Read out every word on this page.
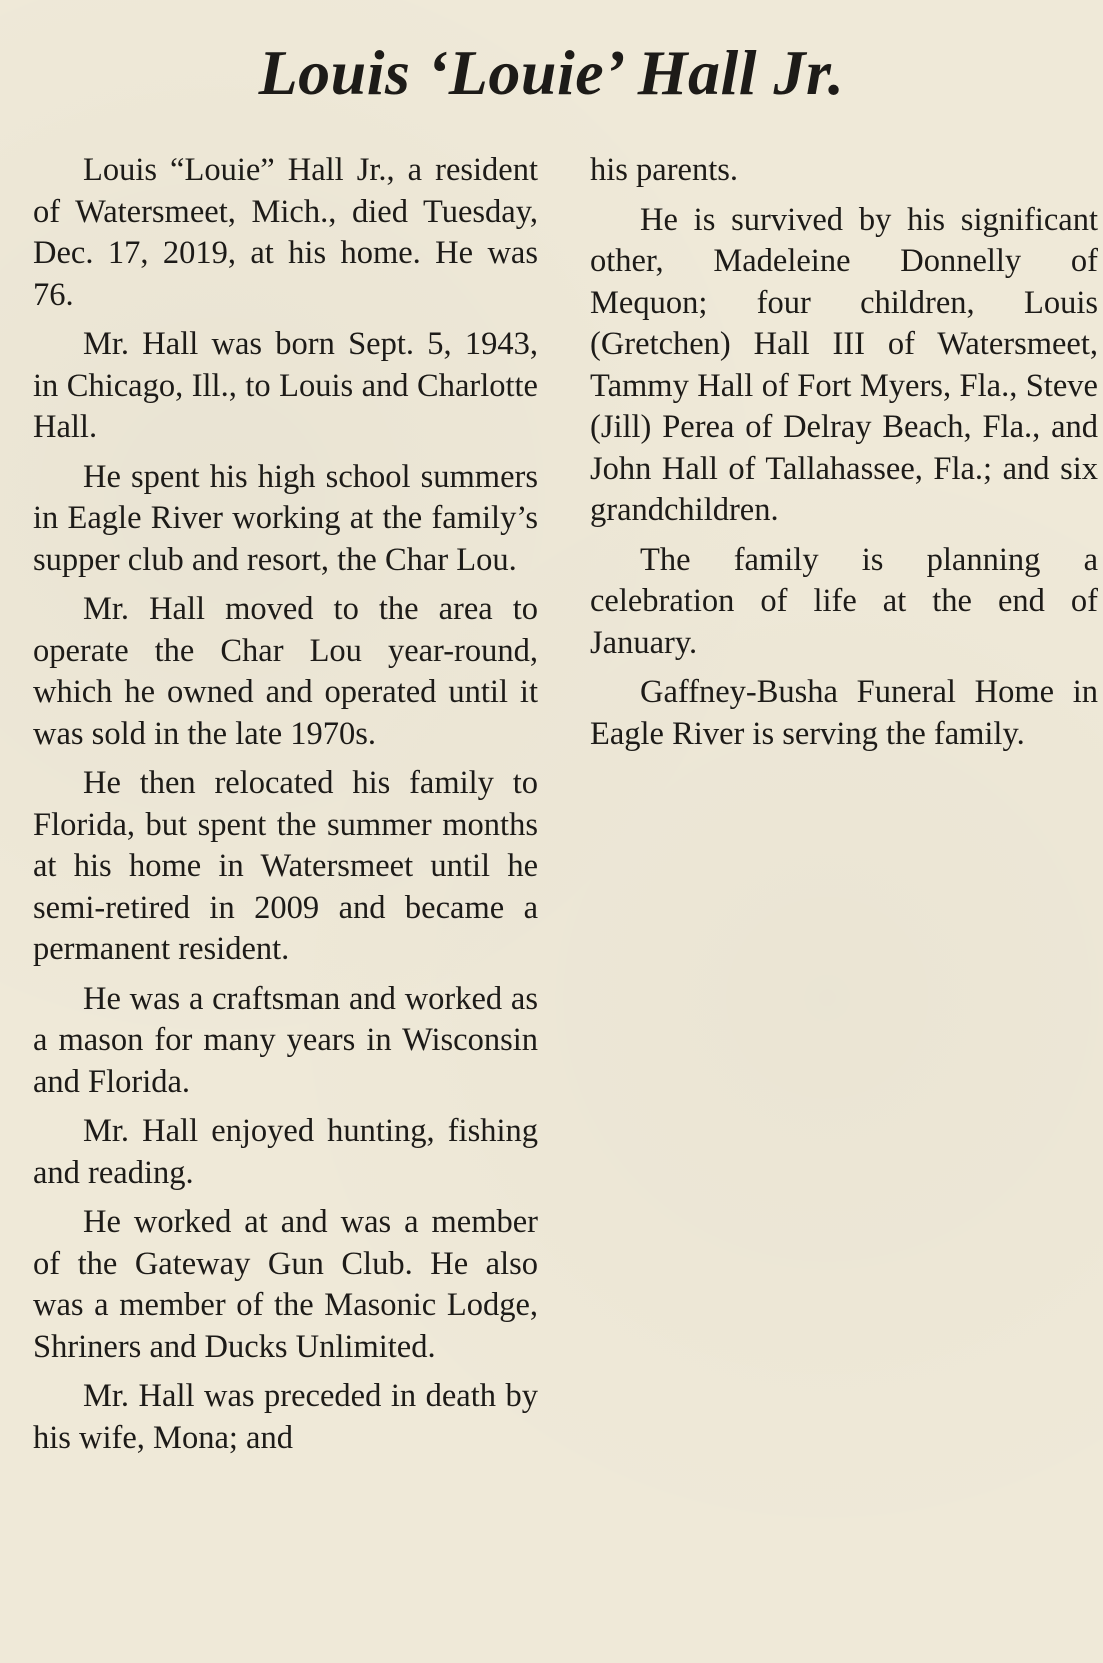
Louis ‘Louie’ Hall Jr.

Louis “Louie” Hall Jr., a resident of Watersmeet, Mich., died Tuesday, Dec. 17, 2019, at his home. He was 76.

Mr. Hall was born Sept. 5, 1943, in Chicago, Ill., to Louis and Charlotte Hall.

He spent his high school summers in Eagle River working at the family’s supper club and resort, the Char Lou.

Mr. Hall moved to the area to operate the Char Lou year-round, which he owned and operated until it was sold in the late 1970s.

He then relocated his family to Florida, but spent the summer months at his home in Watersmeet until he semi-retired in 2009 and became a permanent resident.

He was a craftsman and worked as a mason for many years in Wisconsin and Florida.

Mr. Hall enjoyed hunting, fishing and reading.

He worked at and was a member of the Gateway Gun Club. He also was a member of the Masonic Lodge, Shriners and Ducks Unlimited.

Mr. Hall was preceded in death by his wife, Mona; and

his parents.

He is survived by his significant other, Madeleine Donnelly of Mequon; four children, Louis (Gretchen) Hall III of Watersmeet, Tammy Hall of Fort Myers, Fla., Steve (Jill) Perea of Delray Beach, Fla., and John Hall of Tallahassee, Fla.; and six grandchildren.

The family is planning a celebration of life at the end of January.

Gaffney-Busha Funeral Home in Eagle River is serving the family.
